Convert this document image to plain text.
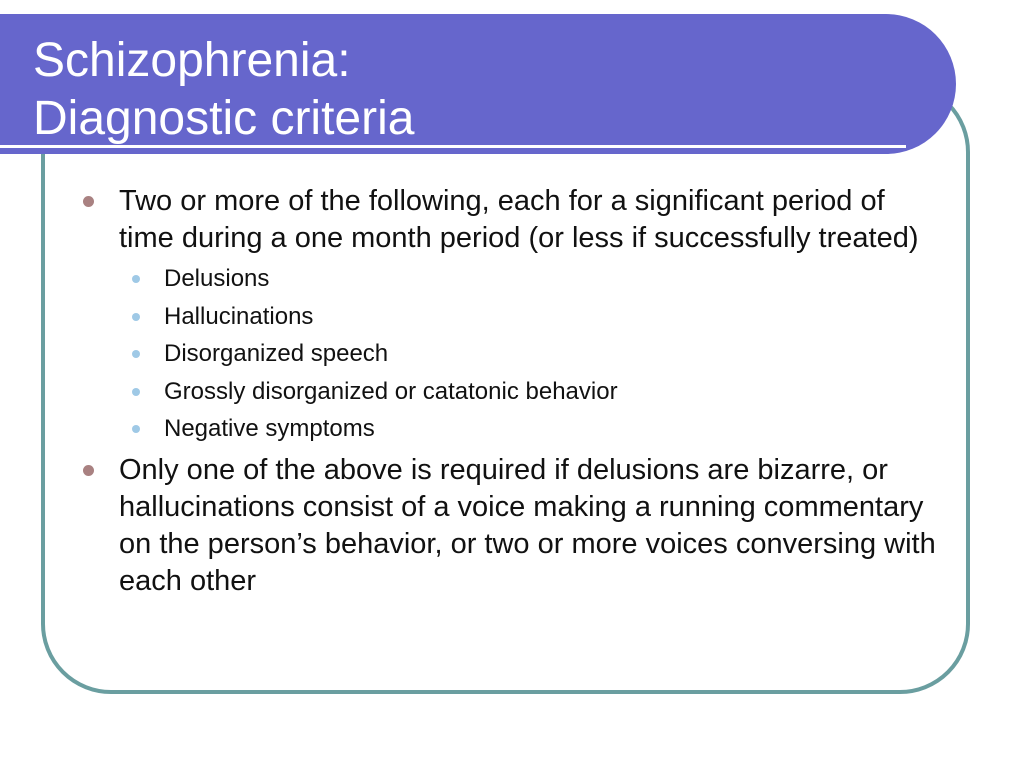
Schizophrenia:
Diagnostic criteria
Two or more of the following, each for a significant period of time during a one month period (or less if successfully treated)
Delusions
Hallucinations
Disorganized speech
Grossly disorganized or catatonic behavior
Negative symptoms
Only one of the above is required if delusions are bizarre, or hallucinations consist of a voice making a running commentary on the person’s behavior, or two or more voices conversing with each other
